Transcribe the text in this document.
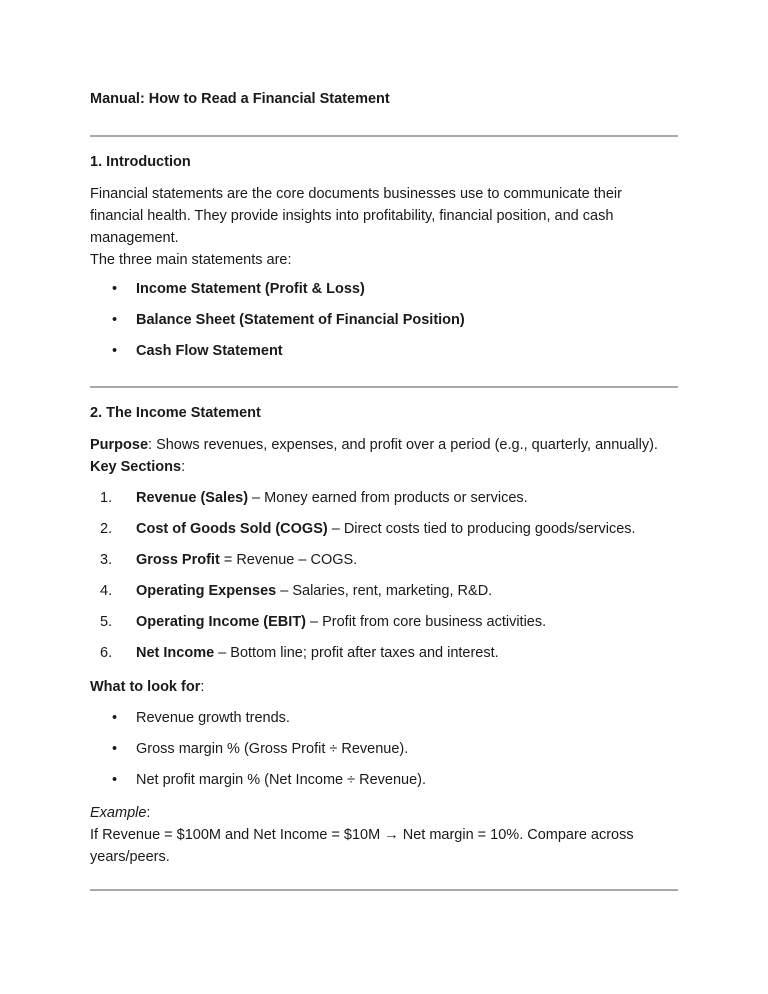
Manual: How to Read a Financial Statement

1. Introduction

Financial statements are the core documents businesses use to communicate their
financial health. They provide insights into profitability, financial position, and cash
management.
The three main statements are:
• Income Statement (Profit & Loss)
• Balance Sheet (Statement of Financial Position)
• Cash Flow Statement

2. The Income Statement

Purpose: Shows revenues, expenses, and profit over a period (e.g., quarterly, annually).
Key Sections:
1. Revenue (Sales) – Money earned from products or services.
2. Cost of Goods Sold (COGS) – Direct costs tied to producing goods/services.
3. Gross Profit = Revenue – COGS.
4. Operating Expenses – Salaries, rent, marketing, R&D.
5. Operating Income (EBIT) – Profit from core business activities.
6. Net Income – Bottom line; profit after taxes and interest.
What to look for:
• Revenue growth trends.
• Gross margin % (Gross Profit ÷ Revenue).
• Net profit margin % (Net Income ÷ Revenue).
Example:
If Revenue = $100M and Net Income = $10M → Net margin = 10%. Compare across
years/peers.
